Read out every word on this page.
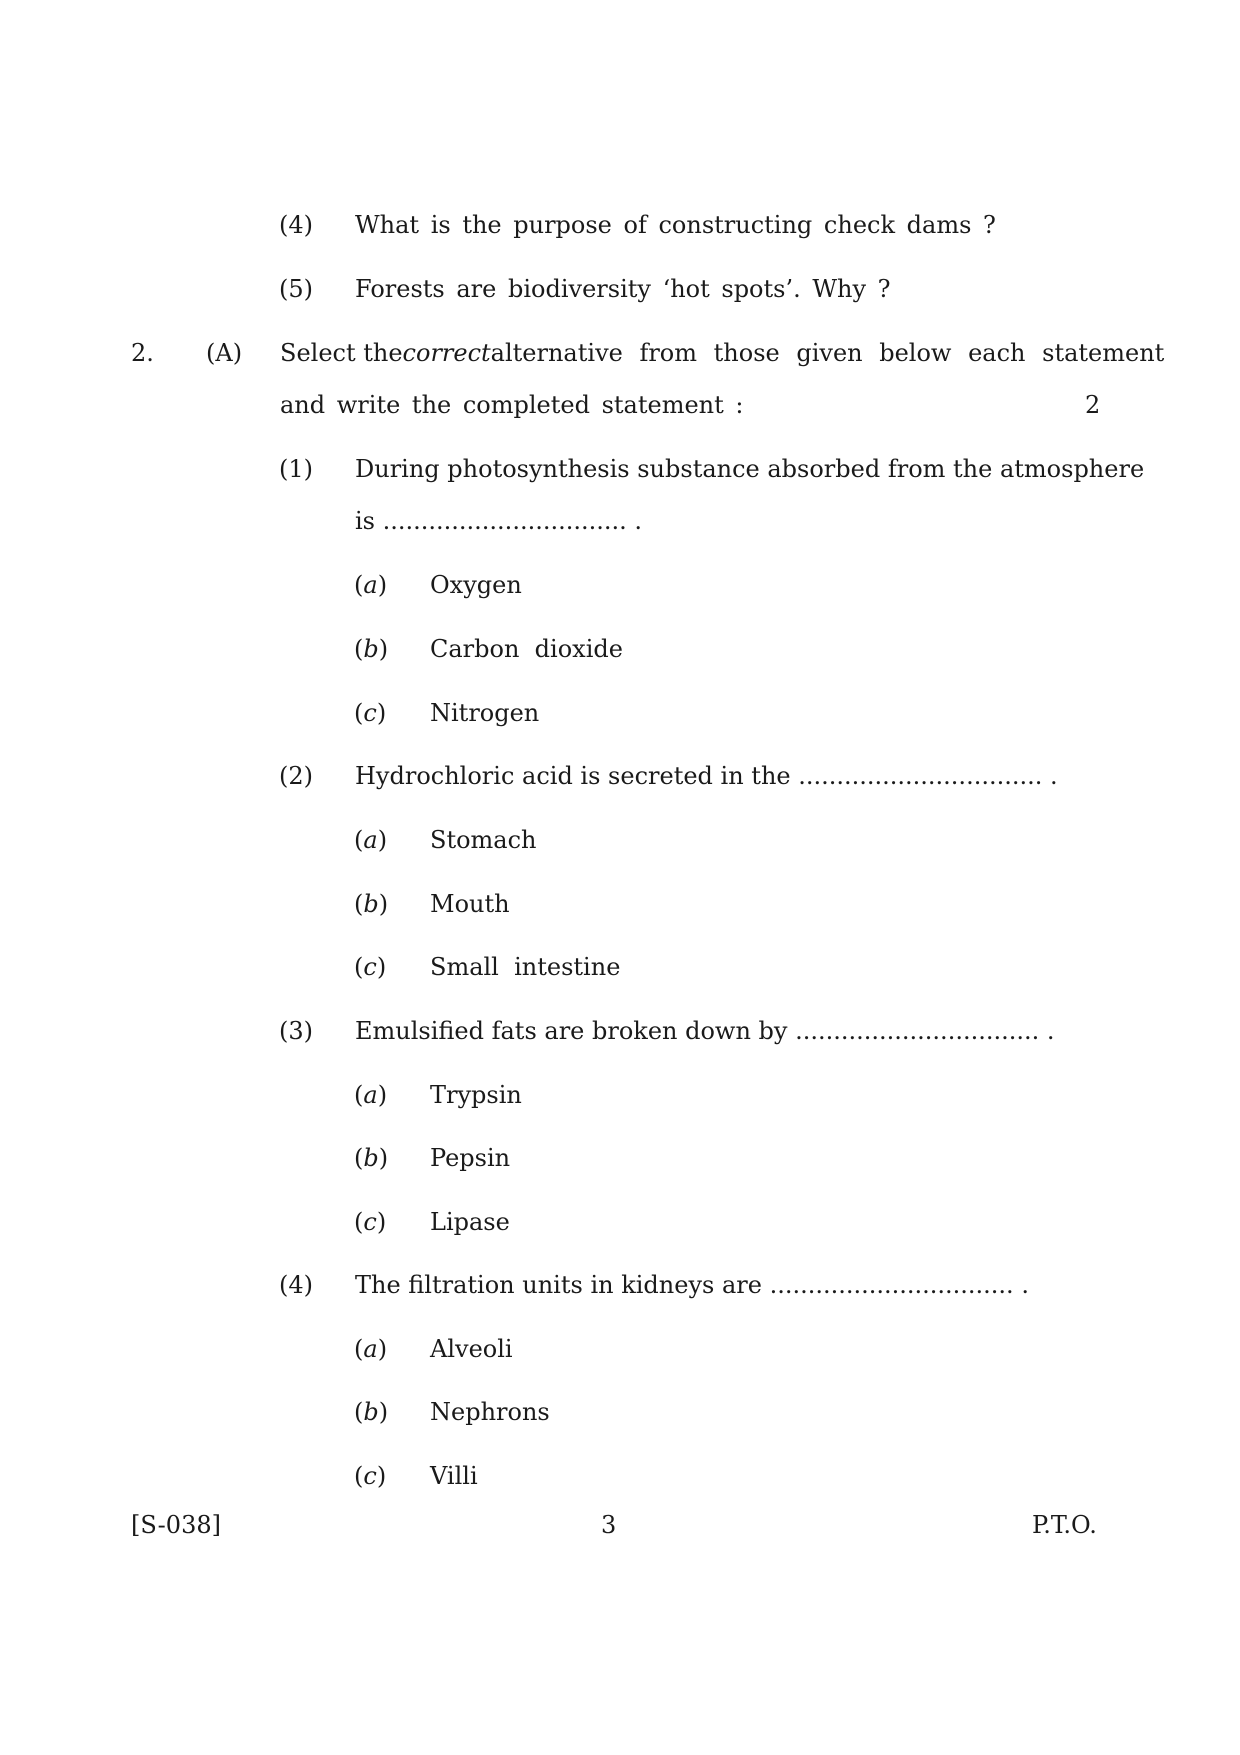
(4) What is the purpose of constructing check dams ?
(5) Forests are biodiversity ‘hot spots’. Why ?
2. (A) Select the correct alternative from those given below each statement
and write the completed statement :	2
(1) During photosynthesis substance absorbed from the atmosphere
is ................................ .
(a) Oxygen
(b) Carbon  dioxide
(c) Nitrogen
(2) Hydrochloric acid is secreted in the ................................ .
(a) Stomach
(b) Mouth
(c) Small  intestine
(3) Emulsified fats are broken down by ................................ .
(a) Trypsin
(b) Pepsin
(c) Lipase
(4) The filtration units in kidneys are ................................ .
(a) Alveoli
(b) Nephrons
(c) Villi
[S-038]	3	P.T.O.
